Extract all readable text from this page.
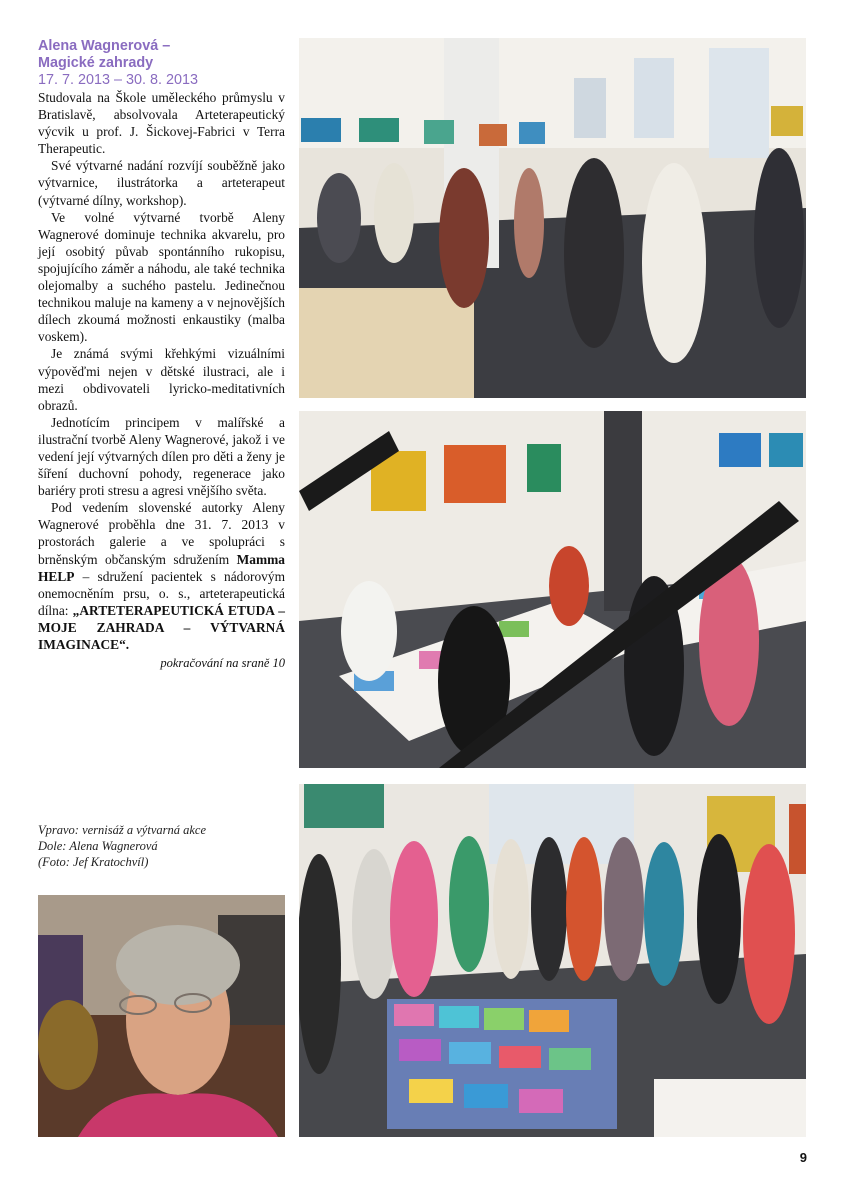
Alena Wagnerová –
Magické zahrady
17. 7. 2013 – 30. 8. 2013

Studovala na Škole uměleckého průmyslu v Bratislavě, absolvovala Arteterapeutický výcvik u prof. J. Šickovej-Fabrici v Terra Therapeutic.

Své výtvarné nadání rozvíjí souběžně jako výtvarnice, ilustrátorka a arteterapeut (výtvarné dílny, workshop).

Ve volné výtvarné tvorbě Aleny Wagnerové dominuje technika akvarelu, pro její osobitý půvab spontánního rukopisu, spojujícího záměr a náhodu, ale také technika olejomalby a suchého pastelu. Jedinečnou technikou maluje na kameny a v nejnovějších dílech zkoumá možnosti enkaustiky (malba voskem).

Je známá svými křehkými vizuálními výpověďmi nejen v dětské ilustraci, ale i mezi obdivovateli lyricko-meditativních obrazů.

Jednotícím principem v malířské a ilustrační tvorbě Aleny Wagnerové, jakož i ve vedení její výtvarných dílen pro děti a ženy je šíření duchovní pohody, regenerace jako bariéry proti stresu a agresi vnějšího světa.

Pod vedením slovenské autorky Aleny Wagnerové proběhla dne 31. 7. 2013 v prostorách galerie a ve spolupráci s brněnským občanským sdružením Mamma HELP – sdružení pacientek s nádorovým onemocněním prsu, o. s., arteterapeutická dílna: „ARTETERAPEUTICKÁ ETUDA – MOJE ZAHRADA – VÝTVARNÁ IMAGINACE“.

pokračování na sraně 10
Vpravo: vernisáž a výtvarná akce
Dole: Alena Wagnerová
(Foto: Jef Kratochvíl)
9
